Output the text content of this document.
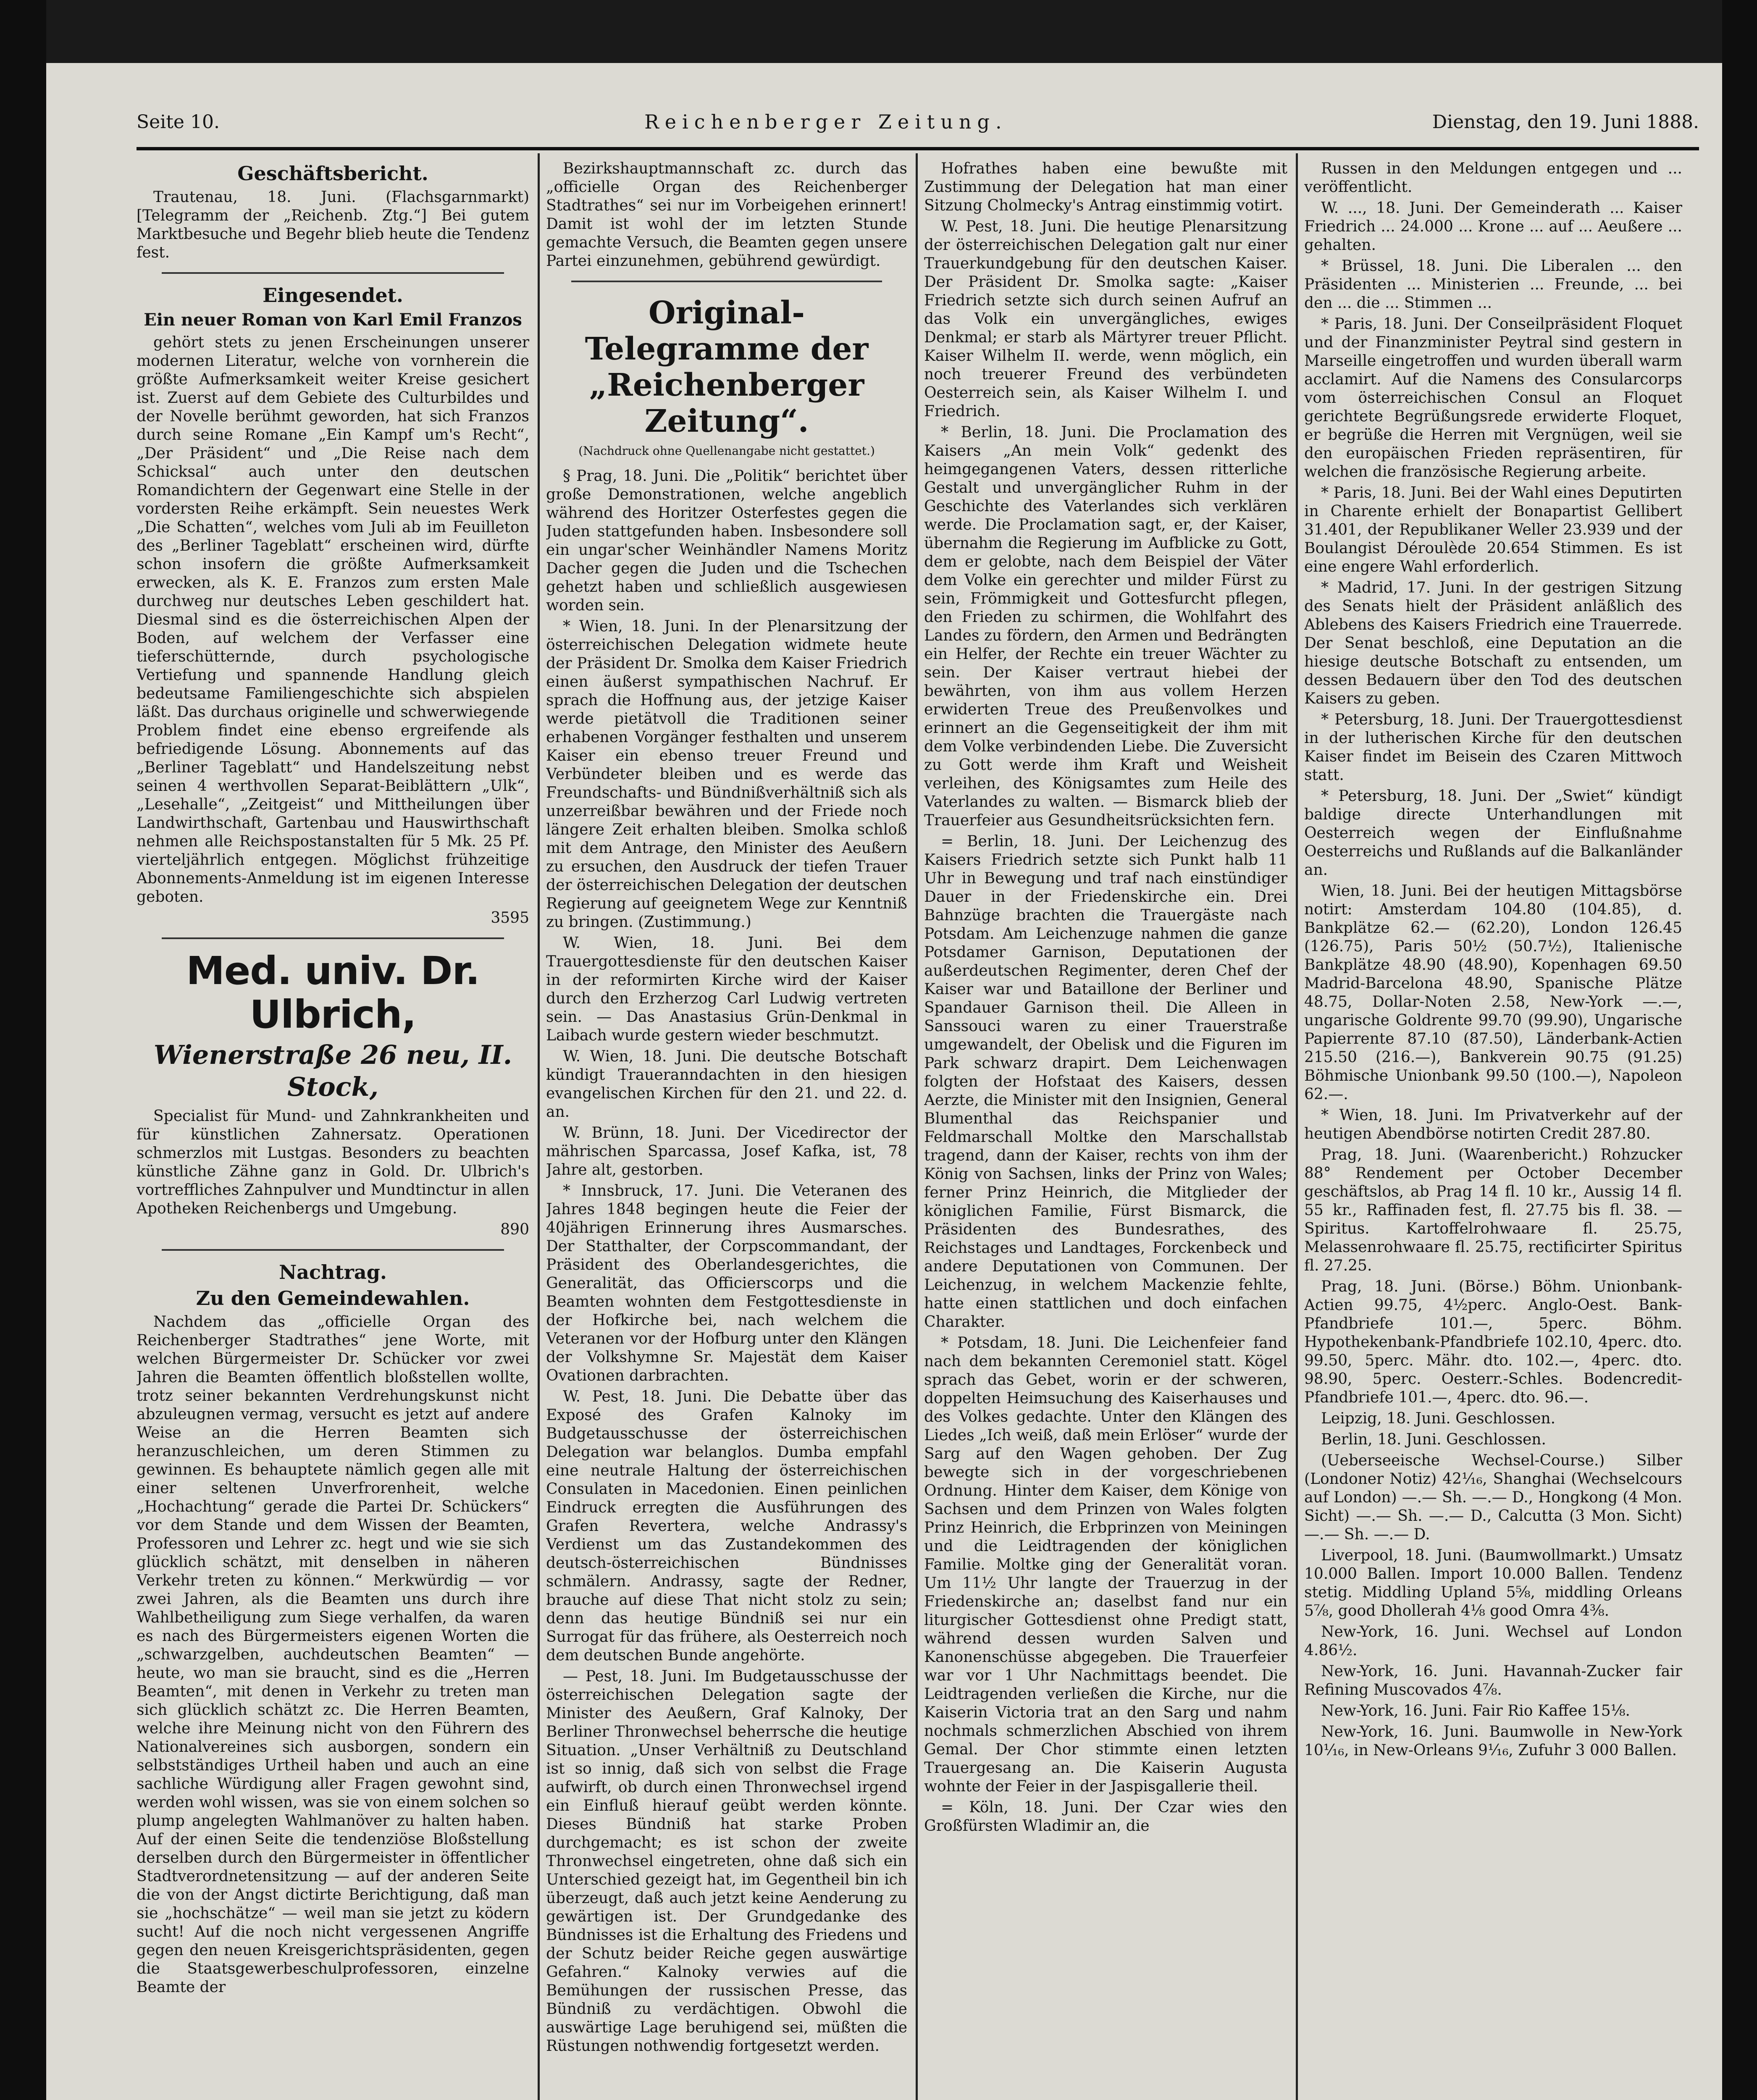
Seite 10.	Reichenberger Zeitung.	Dienstag, den 19. Juni 1888.
Geschäftsbericht.

Trautenau, 18. Juni. (Flachsgarnmarkt) [Telegramm der „Reichenb. Ztg.“] Bei gutem Marktbesuche und Begehr blieb heute die Tendenz fest.

Eingesendet.
Ein neuer Roman von Karl Emil Franzos

gehört stets zu jenen Erscheinungen unserer modernen Literatur, welche von vornherein die größte Aufmerksamkeit weiter Kreise gesichert ist. Zuerst auf dem Gebiete des Culturbildes und der Novelle berühmt geworden, hat sich Franzos durch seine Romane „Ein Kampf um's Recht“, „Der Präsident“ und „Die Reise nach dem Schicksal“ auch unter den deutschen Romandichtern der Gegenwart eine Stelle in der vordersten Reihe erkämpft. Sein neuestes Werk „Die Schatten“, welches vom Juli ab im Feuilleton des „Berliner Tageblatt“ erscheinen wird, dürfte schon insofern die größte Aufmerksamkeit erwecken, als K. E. Franzos zum ersten Male durchweg nur deutsches Leben geschildert hat. Diesmal sind es die österreichischen Alpen der Boden, auf welchem der Verfasser eine tieferschütternde, durch psychologische Vertiefung und spannende Handlung gleich bedeutsame Familiengeschichte sich abspielen läßt. Das durchaus originelle und schwerwiegende Problem findet eine ebenso ergreifende als befriedigende Lösung. Abonnements auf das „Berliner Tageblatt“ und Handelszeitung nebst seinen 4 werthvollen Separat-Beiblättern „Ulk“, „Lesehalle“, „Zeitgeist“ und Mittheilungen über Landwirthschaft, Gartenbau und Hauswirthschaft nehmen alle Reichspostanstalten für 5 Mk. 25 Pf. vierteljährlich entgegen. Möglichst frühzeitige Abonnements-Anmeldung ist im eigenen Interesse geboten.

3595
Med. univ. Dr. Ulbrich,
Wienerstraße 26 neu, II. Stock,

Specialist für Mund- und Zahnkrankheiten und für künstlichen Zahnersatz. Operationen schmerzlos mit Lustgas. Besonders zu beachten künstliche Zähne ganz in Gold. Dr. Ulbrich's vortreffliches Zahnpulver und Mundtinctur in allen Apotheken Reichenbergs und Umgebung.

890
Nachtrag.
Zu den Gemeindewahlen.

Nachdem das „officielle Organ des Reichenberger Stadtrathes“ jene Worte, mit welchen Bürgermeister Dr. Schücker vor zwei Jahren die Beamten öffentlich bloßstellen wollte, trotz seiner bekannten Verdrehungskunst nicht abzuleugnen vermag, versucht es jetzt auf andere Weise an die Herren Beamten sich heranzuschleichen, um deren Stimmen zu gewinnen. Es behauptete nämlich gegen alle mit einer seltenen Unverfrorenheit, welche „Hochachtung“ gerade die Partei Dr. Schückers“ vor dem Stande und dem Wissen der Beamten, Professoren und Lehrer zc. hegt und wie sie sich glücklich schätzt, mit denselben in näheren Verkehr treten zu können.“ Merkwürdig — vor zwei Jahren, als die Beamten uns durch ihre Wahlbetheiligung zum Siege verhalfen, da waren es nach des Bürgermeisters eigenen Worten die „schwarzgelben, auchdeutschen Beamten“ — heute, wo man sie braucht, sind es die „Herren Beamten“, mit denen in Verkehr zu treten man sich glücklich schätzt zc. Die Herren Beamten, welche ihre Meinung nicht von den Führern des Nationalvereines sich ausborgen, sondern ein selbstständiges Urtheil haben und auch an eine sachliche Würdigung aller Fragen gewohnt sind, werden wohl wissen, was sie von einem solchen so plump angelegten Wahlmanöver zu halten haben. Auf der einen Seite die tendenziöse Bloßstellung derselben durch den Bürgermeister in öffentlicher Stadtverordnetensitzung — auf der anderen Seite die von der Angst dictirte Berichtigung, daß man sie „hochschätze“ — weil man sie jetzt zu ködern sucht! Auf die noch nicht vergessenen Angriffe gegen den neuen Kreisgerichtspräsidenten, gegen die Staatsgewerbeschulprofessoren, einzelne Beamte der

Bezirkshauptmannschaft zc. durch das „officielle Organ des Reichenberger Stadtrathes“ sei nur im Vorbeigehen erinnert! Damit ist wohl der im letzten Stunde gemachte Versuch, die Beamten gegen unsere Partei einzunehmen, gebührend gewürdigt.

Original-Telegramme der „Reichenberger Zeitung“.
(Nachdruck ohne Quellenangabe nicht gestattet.)

§ Prag, 18. Juni. Die „Politik“ berichtet über große Demonstrationen, welche angeblich während des Horitzer Osterfestes gegen die Juden stattgefunden haben. Insbesondere soll ein ungar'scher Weinhändler Namens Moritz Dacher gegen die Juden und die Tschechen gehetzt haben und schließlich ausgewiesen worden sein.

* Wien, 18. Juni. In der Plenarsitzung der österreichischen Delegation widmete heute der Präsident Dr. Smolka dem Kaiser Friedrich einen äußerst sympathischen Nachruf. Er sprach die Hoffnung aus, der jetzige Kaiser werde pietätvoll die Traditionen seiner erhabenen Vorgänger festhalten und unserem Kaiser ein ebenso treuer Freund und Verbündeter bleiben und es werde das Freundschafts- und Bündnißverhältniß sich als unzerreißbar bewähren und der Friede noch längere Zeit erhalten bleiben. Smolka schloß mit dem Antrage, den Minister des Aeußern zu ersuchen, den Ausdruck der tiefen Trauer der österreichischen Delegation der deutschen Regierung auf geeignetem Wege zur Kenntniß zu bringen. (Zustimmung.)

W. Wien, 18. Juni. Bei dem Trauergottesdienste für den deutschen Kaiser in der reformirten Kirche wird der Kaiser durch den Erzherzog Carl Ludwig vertreten sein. — Das Anastasius Grün-Denkmal in Laibach wurde gestern wieder beschmutzt.

W. Wien, 18. Juni. Die deutsche Botschaft kündigt Traueranndachten in den hiesigen evangelischen Kirchen für den 21. und 22. d. an.

W. Brünn, 18. Juni. Der Vicedirector der mährischen Sparcassa, Josef Kafka, ist, 78 Jahre alt, gestorben.

* Innsbruck, 17. Juni. Die Veteranen des Jahres 1848 begingen heute die Feier der 40jährigen Erinnerung ihres Ausmarsches. Der Statthalter, der Corpscommandant, der Präsident des Oberlandesgerichtes, die Generalität, das Officierscorps und die Beamten wohnten dem Festgottesdienste in der Hofkirche bei, nach welchem die Veteranen vor der Hofburg unter den Klängen der Volkshymne Sr. Majestät dem Kaiser Ovationen darbrachten.

W. Pest, 18. Juni. Die Debatte über das Exposé des Grafen Kalnoky im Budgetausschusse der österreichischen Delegation war belanglos. Dumba empfahl eine neutrale Haltung der österreichischen Consulaten in Macedonien. Einen peinlichen Eindruck erregten die Ausführungen des Grafen Reverterа, welche Andrassy's Verdienst um das Zustandekommen des deutsch-österreichischen Bündnisses schmälern. Andrassy, sagte der Redner, brauche auf diese That nicht stolz zu sein; denn das heutige Bündniß sei nur ein Surrogat für das frühere, als Oesterreich noch dem deutschen Bunde angehörte.

— Pest, 18. Juni. Im Budgetausschusse der österreichischen Delegation sagte der Minister des Aeußern, Graf Kalnoky, Der Berliner Thronwechsel beherrsche die heutige Situation. „Unser Verhältniß zu Deutschland ist so innig, daß sich von selbst die Frage aufwirft, ob durch einen Thronwechsel irgend ein Einfluß hierauf geübt werden könnte. Dieses Bündniß hat starke Proben durchgemacht; es ist schon der zweite Thronwechsel eingetreten, ohne daß sich ein Unterschied gezeigt hat, im Gegentheil bin ich überzeugt, daß auch jetzt keine Aenderung zu gewärtigen ist. Der Grundgedanke des Bündnisses ist die Erhaltung des Friedens und der Schutz beider Reiche gegen auswärtige Gefahren.“ Kalnoky verwies auf die Bemühungen der russischen Presse, das Bündniß zu verdächtigen. Obwohl die auswärtige Lage beruhigend sei, müßten die Rüstungen nothwendig fortgesetzt werden.

Hofrathes haben eine bewußte mit Zustimmung der Delegation hat man einer Sitzung Cholmecky's Antrag einstimmig votirt.

W. Pest, 18. Juni. Die heutige Plenarsitzung der österreichischen Delegation galt nur einer Trauerkundgebung für den deutschen Kaiser. Der Präsident Dr. Smolka sagte: „Kaiser Friedrich setzte sich durch seinen Aufruf an das Volk ein unvergängliches, ewiges Denkmal; er starb als Märtyrer treuer Pflicht. Kaiser Wilhelm II. werde, wenn möglich, ein noch treuerer Freund des verbündeten Oesterreich sein, als Kaiser Wilhelm I. und Friedrich.

* Berlin, 18. Juni. Die Proclamation des Kaisers „An mein Volk“ gedenkt des heimgegangenen Vaters, dessen ritterliche Gestalt und unvergänglicher Ruhm in der Geschichte des Vaterlandes sich verklären werde. Die Proclamation sagt, er, der Kaiser, übernahm die Regierung im Aufblicke zu Gott, dem er gelobte, nach dem Beispiel der Väter dem Volke ein gerechter und milder Fürst zu sein, Frömmigkeit und Gottesfurcht pflegen, den Frieden zu schirmen, die Wohlfahrt des Landes zu fördern, den Armen und Bedrängten ein Helfer, der Rechte ein treuer Wächter zu sein. Der Kaiser vertraut hiebei der bewährten, von ihm aus vollem Herzen erwiderten Treue des Preußenvolkes und erinnert an die Gegenseitigkeit der ihm mit dem Volke verbindenden Liebe. Die Zuversicht zu Gott werde ihm Kraft und Weisheit verleihen, des Königsamtes zum Heile des Vaterlandes zu walten. — Bismarck blieb der Trauerfeier aus Gesundheitsrücksichten fern.

= Berlin, 18. Juni. Der Leichenzug des Kaisers Friedrich setzte sich Punkt halb 11 Uhr in Bewegung und traf nach einstündiger Dauer in der Friedenskirche ein. Drei Bahnzüge brachten die Trauergäste nach Potsdam. Am Leichenzuge nahmen die ganze Potsdamer Garnison, Deputationen der außerdeutschen Regimenter, deren Chef der Kaiser war und Bataillone der Berliner und Spandauer Garnison theil. Die Alleen in Sanssouci waren zu einer Trauerstraße umgewandelt, der Obelisk und die Figuren im Park schwarz drapirt. Dem Leichenwagen folgten der Hofstaat des Kaisers, dessen Aerzte, die Minister mit den Insignien, General Blumenthal das Reichspanier und Feldmarschall Moltke den Marschallstab tragend, dann der Kaiser, rechts von ihm der König von Sachsen, links der Prinz von Wales; ferner Prinz Heinrich, die Mitglieder der königlichen Familie, Fürst Bismarck, die Präsidenten des Bundesrathes, des Reichstages und Landtages, Forckenbeck und andere Deputationen von Communen. Der Leichenzug, in welchem Mackenzie fehlte, hatte einen stattlichen und doch einfachen Charakter.

* Potsdam, 18. Juni. Die Leichenfeier fand nach dem bekannten Ceremoniel statt. Kögel sprach das Gebet, worin er der schweren, doppelten Heimsuchung des Kaiserhauses und des Volkes gedachte. Unter den Klängen des Liedes „Ich weiß, daß mein Erlöser“ wurde der Sarg auf den Wagen gehoben. Der Zug bewegte sich in der vorgeschriebenen Ordnung. Hinter dem Kaiser, dem Könige von Sachsen und dem Prinzen von Wales folgten Prinz Heinrich, die Erbprinzen von Meiningen und die Leidtragenden der königlichen Familie. Moltke ging der Generalität voran. Um 11½ Uhr langte der Trauerzug in der Friedenskirche an; daselbst fand nur ein liturgischer Gottesdienst ohne Predigt statt, während dessen wurden Salven und Kanonenschüsse abgegeben. Die Trauerfeier war vor 1 Uhr Nachmittags beendet. Die Leidtragenden verließen die Kirche, nur die Kaiserin Victoria trat an den Sarg und nahm nochmals schmerzlichen Abschied von ihrem Gemal. Der Chor stimmte einen letzten Trauergesang an. Die Kaiserin Augusta wohnte der Feier in der Jaspisgallerie theil.

= Köln, 18. Juni. Der Czar wies den Großfürsten Wladimir an, die

Russen in den Meldungen entgegen und ... veröffentlicht.

W. ..., 18. Juni. Der Gemeinderath ... Kaiser Friedrich ... 24.000 ... Krone ... auf ... Aeußere ... gehalten.

* Brüssel, 18. Juni. Die Liberalen ... den Präsidenten ... Ministerien ... Freunde, ... bei den ... die ... Stimmen ...

* Paris, 18. Juni. Der Conseilpräsident Floquet und der Finanzminister Peytral sind gestern in Marseille eingetroffen und wurden überall warm acclamirt. Auf die Namens des Consularcorps vom österreichischen Consul an Floquet gerichtete Begrüßungsrede erwiderte Floquet, er begrüße die Herren mit Vergnügen, weil sie den europäischen Frieden repräsentiren, für welchen die französische Regierung arbeite.

* Paris, 18. Juni. Bei der Wahl eines Deputirten in Charente erhielt der Bonapartist Gellibert 31.401, der Republikaner Weller 23.939 und der Boulangist Déroulède 20.654 Stimmen. Es ist eine engere Wahl erforderlich.

* Madrid, 17. Juni. In der gestrigen Sitzung des Senats hielt der Präsident anläßlich des Ablebens des Kaisers Friedrich eine Trauerrede. Der Senat beschloß, eine Deputation an die hiesige deutsche Botschaft zu entsenden, um dessen Bedauern über den Tod des deutschen Kaisers zu geben.

* Petersburg, 18. Juni. Der Trauergottesdienst in der lutherischen Kirche für den deutschen Kaiser findet im Beisein des Czaren Mittwoch statt.

* Petersburg, 18. Juni. Der „Swiet“ kündigt baldige directe Unterhandlungen mit Oesterreich wegen der Einflußnahme Oesterreichs und Rußlands auf die Balkanländer an.

Wien, 18. Juni. Bei der heutigen Mittagsbörse notirt: Amsterdam 104.80 (104.85), d. Bankplätze 62.— (62.20), London 126.45 (126.75), Paris 50½ (50.7½), Italienische Bankplätze 48.90 (48.90), Kopenhagen 69.50 Madrid-Barcelona 48.90, Spanische Plätze 48.75, Dollar-Noten 2.58, New-York —.—, ungarische Goldrente 99.70 (99.90), Ungarische Papierrente 87.10 (87.50), Länderbank-Actien 215.50 (216.—), Bankverein 90.75 (91.25) Böhmische Unionbank 99.50 (100.—), Napoleon 62.—.

* Wien, 18. Juni. Im Privatverkehr auf der heutigen Abendbörse notirten Credit 287.80.

Prag, 18. Juni. (Waarenbericht.) Rohzucker 88° Rendement per October December geschäftslos, ab Prag 14 fl. 10 kr., Aussig 14 fl. 55 kr., Raffinaden fest, fl. 27.75 bis fl. 38. — Spiritus. Kartoffelrohwaare fl. 25.75, Melassenrohwaare fl. 25.75, rectificirter Spiritus fl. 27.25.

Prag, 18. Juni. (Börse.) Böhm. Unionbank-Actien 99.75, 4½perc. Anglo-Oest. Bank-Pfandbriefe 101.—, 5perc. Böhm. Hypothekenbank-Pfandbriefe 102.10, 4perc. dto. 99.50, 5perc. Mähr. dto. 102.—, 4perc. dto. 98.90, 5perc. Oesterr.-Schles. Bodencredit-Pfandbriefe 101.—, 4perc. dto. 96.—.

Leipzig, 18. Juni. Geschlossen.

Berlin, 18. Juni. Geschlossen.

(Ueberseeische Wechsel-Course.) Silber (Londoner Notiz) 42⅟₁₆, Shanghai (Wechselcours auf London) —.— Sh. —.— D., Hongkong (4 Mon. Sicht) —.— Sh. —.— D., Calcutta (3 Mon. Sicht) —.— Sh. —.— D.

Liverpool, 18. Juni. (Baumwollmarkt.) Umsatz 10.000 Ballen. Import 10.000 Ballen. Tendenz stetig. Middling Upland 5⅝, middling Orleans 5⅞, good Dhollerah 4⅛ good Omra 4⅜.

New-York, 16. Juni. Wechsel auf London 4.86½.

New-York, 16. Juni. Havannah-Zucker fair Refining Muscovados 4⅞.

New-York, 16. Juni. Fair Rio Kaffee 15⅛.

New-York, 16. Juni. Baumwolle in New-York 10⅟₁₆, in New-Orleans 9⅟₁₆, Zufuhr 3 000 Ballen.
